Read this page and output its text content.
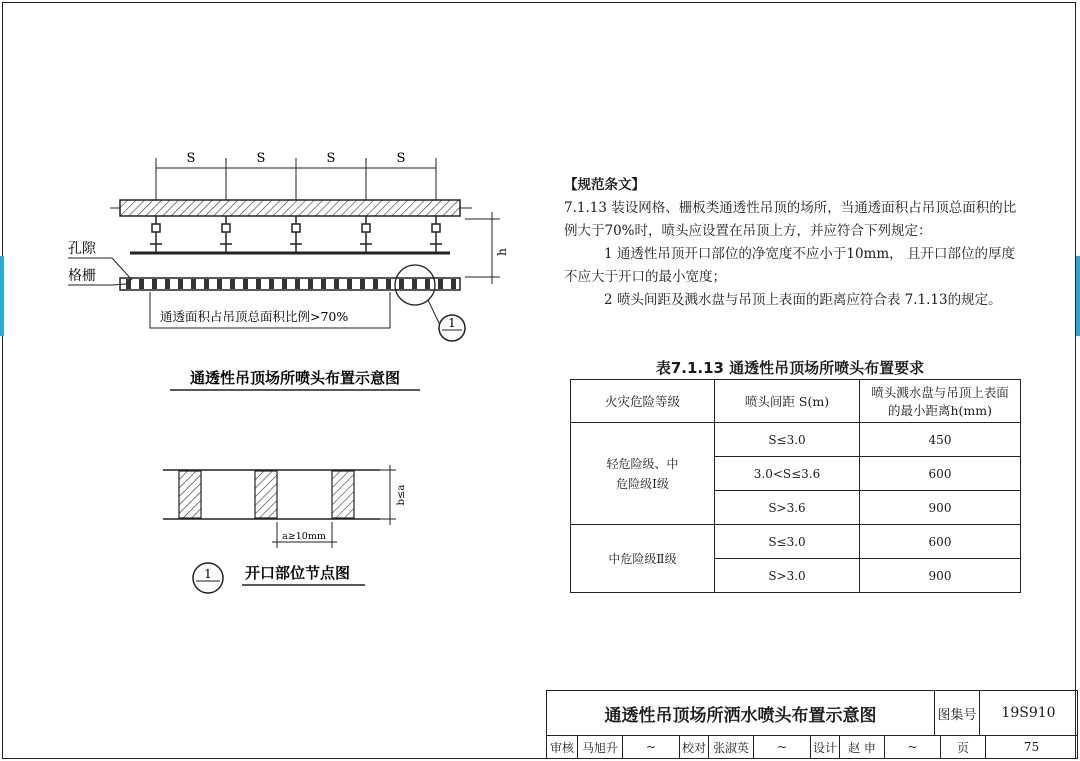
S	S	S	S
h
孔隙
格栅
通透面积占吊顶总面积比例>70%	1
通透性吊顶场所喷头布置示意图
b≤a
a≥10mm
1 开口部位节点图

【规范条文】

7.1.13 装设网格、栅板类通透性吊顶的场所，当通透面积占吊顶总面积的比例大于70%时，喷头应设置在吊顶上方，并应符合下列规定：

1 通透性吊顶开口部位的净宽度不应小于10mm， 且开口部位的厚度不应大于开口的最小宽度；

2 喷头间距及溅水盘与吊顶上表面的距离应符合表 7.1.13的规定。

表7.1.13 通透性吊顶场所喷头布置要求
火灾危险等级	喷头间距 S(m)	喷头溅水盘与吊顶上表面的最小距离h(mm)
轻危险级、中危险级Ⅰ级	S≤3.0	450
	3.0<S≤3.6	600
	S>3.6	900
中危险级Ⅱ级	S≤3.0	600
	S>3.0	900
通透性吊顶场所洒水喷头布置示意图	图集号	19S910
审核 马旭升	~	校对 张淑英	~	设计 赵 申	~	页	75
